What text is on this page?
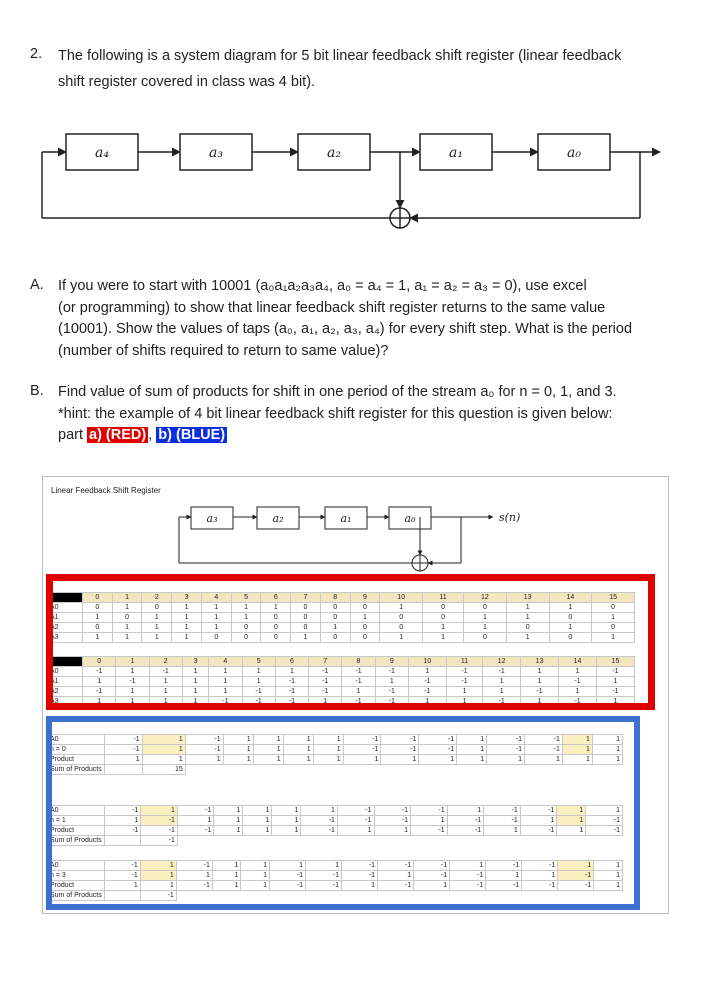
2. The following is a system diagram for 5 bit linear feedback shift register (linear feedback
shift register covered in class was 4 bit).
a₄	a₃	a₂	a₁	a₀
A. If you were to start with 10001 (a₀a₁a₂a₃a₄, a₀ = a₄ = 1, a₁ = a₂ = a₃ = 0), use excel
(or programming) to show that linear feedback shift register returns to the same value
(10001). Show the values of taps (a₀, a₁, a₂, a₃, a₄) for every shift step. What is the period
(number of shifts required to return to same value)?
B. Find value of sum of products for shift in one period of the stream a₀ for n = 0, 1, and 3.
*hint: the example of 4 bit linear feedback shift register for this question is given below:
part a) (RED) , b) (BLUE)
Linear Feedback Shift Register
a₃	a₂	a₁	a₀	s(n)
	0	1	2	3	4	5	6	7	8	9	10	11	12	13	14	15
A0	0	1	0	1	1	1	1	0	0	0	1	0	0	1	1	0
A1	1	0	1	1	1	1	0	0	0	1	0	0	1	1	0	1
A2	0	1	1	1	1	0	0	0	1	0	0	1	1	0	1	0
A3	1	1	1	1	0	0	0	1	0	0	1	1	0	1	0	1
	0	1	2	3	4	5	6	7	8	9	10	11	12	13	14	15
A0	-1	1	-1	1	1	1	1	-1	-1	-1	1	-1	-1	1	1	-1
A1	1	-1	1	1	1	1	-1	-1	-1	1	-1	-1	1	1	-1	1
A2	-1	1	1	1	1	-1	-1	-1	1	-1	-1	1	1	-1	1	-1
A3	1	1	1	1	-1	-1	-1	1	-1	-1	1	1	-1	1	-1	1
A0	-1	1	-1	1	1	1	1	-1	-1	-1	1	-1	-1	1	1
n = 0	-1	1	-1	1	1	1	1	-1	-1	-1	1	-1	-1	1	1
Product	1	1	1	1	1	1	1	1	1	1	1	1	1	1	1
Sum of Products		15													
A0	-1	1	-1	1	1	1	1	-1	-1	-1	1	-1	-1	1	1
n = 1	1	-1	1	1	1	1	-1	-1	-1	1	-1	-1	1	1	-1
Product	-1	-1	-1	1	1	1	-1	1	1	-1	-1	1	-1	1	-1
Sum of Products		-1													
A0	-1	1	-1	1	1	1	1	-1	-1	-1	1	-1	-1	1	1
n = 3	-1	1	1	1	1	-1	-1	-1	1	-1	-1	1	1	-1	1
Product	1	1	-1	1	1	-1	-1	1	-1	1	-1	-1	-1	-1	1
Sum of Products		-1													
